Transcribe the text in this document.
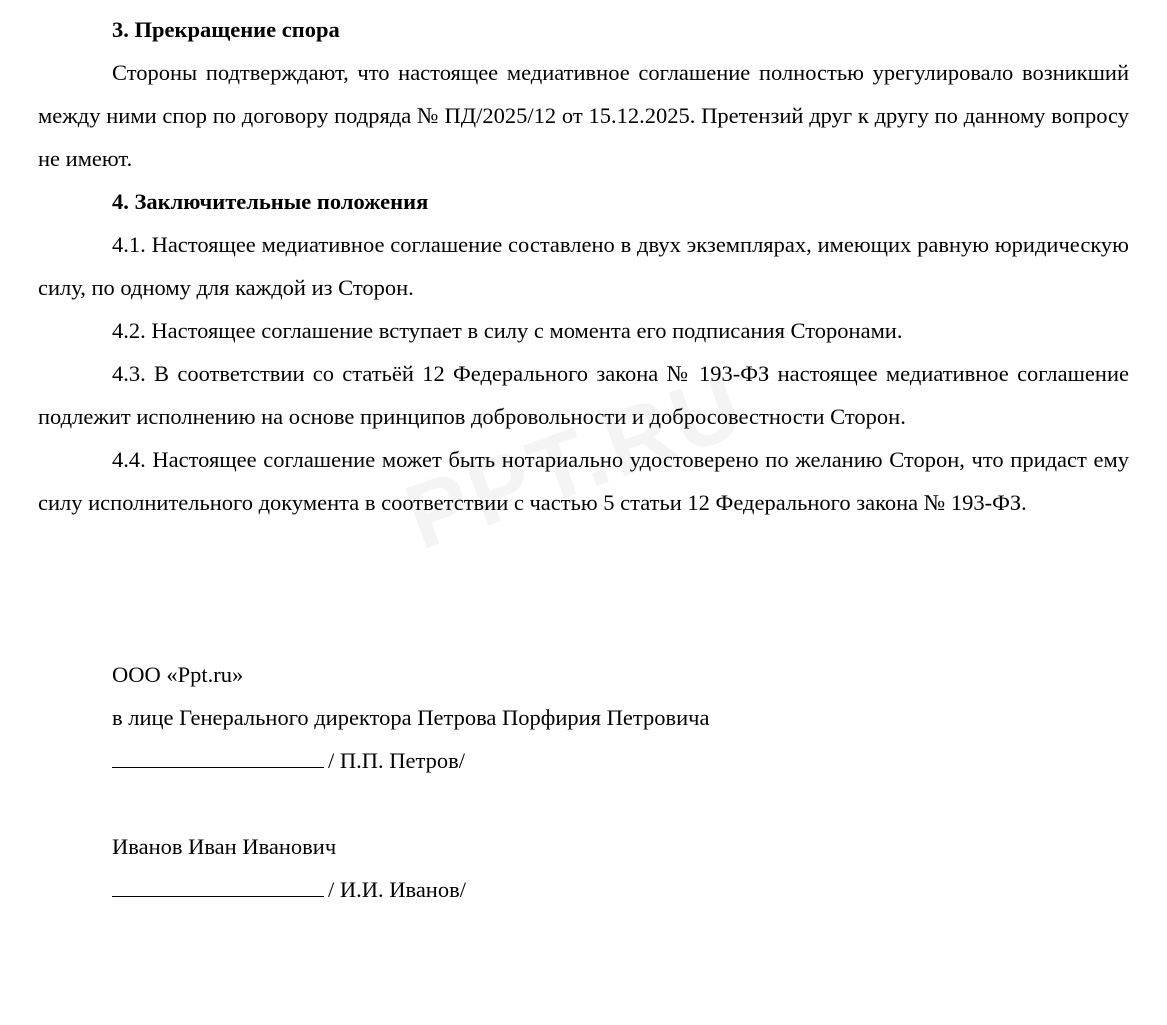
3. Прекращение спора

Стороны подтверждают, что настоящее медиативное соглашение полностью урегулировало возникший между ними спор по договору подряда № ПД/2025/12 от 15.12.2025. Претензий друг к другу по данному вопросу не имеют.

4. Заключительные положения

4.1. Настоящее медиативное соглашение составлено в двух экземплярах, имеющих равную юридическую силу, по одному для каждой из Сторон.

4.2. Настоящее соглашение вступает в силу с момента его подписания Сторонами.

4.3. В соответствии со статьёй 12 Федерального закона № 193-ФЗ настоящее медиативное соглашение подлежит исполнению на основе принципов добровольности и добросовестности Сторон.

4.4. Настоящее соглашение может быть нотариально удостоверено по желанию Сторон, что придаст ему силу исполнительного документа в соответствии с частью 5 статьи 12 Федерального закона № 193-ФЗ.

ООО «Ppt.ru»

в лице Генерального директора Петрова Порфирия Петровича

/ П.П. Петров/

Иванов Иван Иванович

/ И.И. Иванов/
